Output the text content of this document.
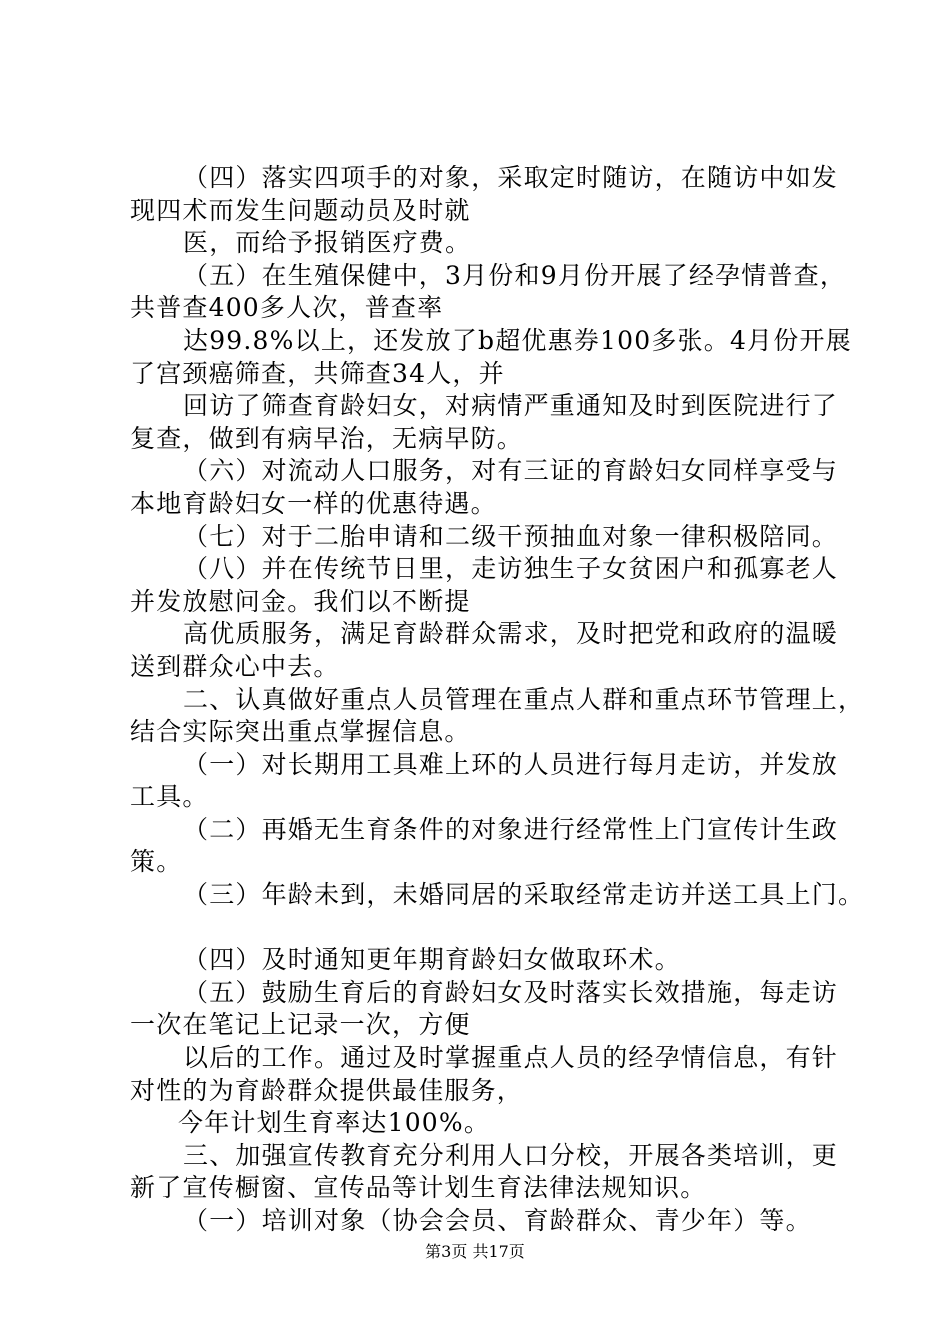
（四）落实四项手的对象，采取定时随访，在随访中如发
现四术而发生问题动员及时就
医，而给予报销医疗费。
（五）在生殖保健中，3月份和9月份开展了经孕情普查，
共普查400多人次，普查率
达99.8%以上，还发放了b超优惠券100多张。4月份开展
了宫颈癌筛查，共筛查34人，并
回访了筛查育龄妇女，对病情严重通知及时到医院进行了
复查，做到有病早治，无病早防。
（六）对流动人口服务，对有三证的育龄妇女同样享受与
本地育龄妇女一样的优惠待遇。
（七）对于二胎申请和二级干预抽血对象一律积极陪同。
（八）并在传统节日里，走访独生子女贫困户和孤寡老人
并发放慰问金。我们以不断提
高优质服务，满足育龄群众需求，及时把党和政府的温暖
送到群众心中去。
二、认真做好重点人员管理在重点人群和重点环节管理上，
结合实际突出重点掌握信息。
（一）对长期用工具难上环的人员进行每月走访，并发放
工具。
（二）再婚无生育条件的对象进行经常性上门宣传计生政
策。
（三）年龄未到，未婚同居的采取经常走访并送工具上门。
（四）及时通知更年期育龄妇女做取环术。
（五）鼓励生育后的育龄妇女及时落实长效措施，每走访
一次在笔记上记录一次，方便
以后的工作。通过及时掌握重点人员的经孕情信息，有针
对性的为育龄群众提供最佳服务，
今年计划生育率达100%。
三、加强宣传教育充分利用人口分校，开展各类培训，更
新了宣传橱窗、宣传品等计划生育法律法规知识。
（一）培训对象（协会会员、育龄群众、青少年）等。
第3页 共17页
